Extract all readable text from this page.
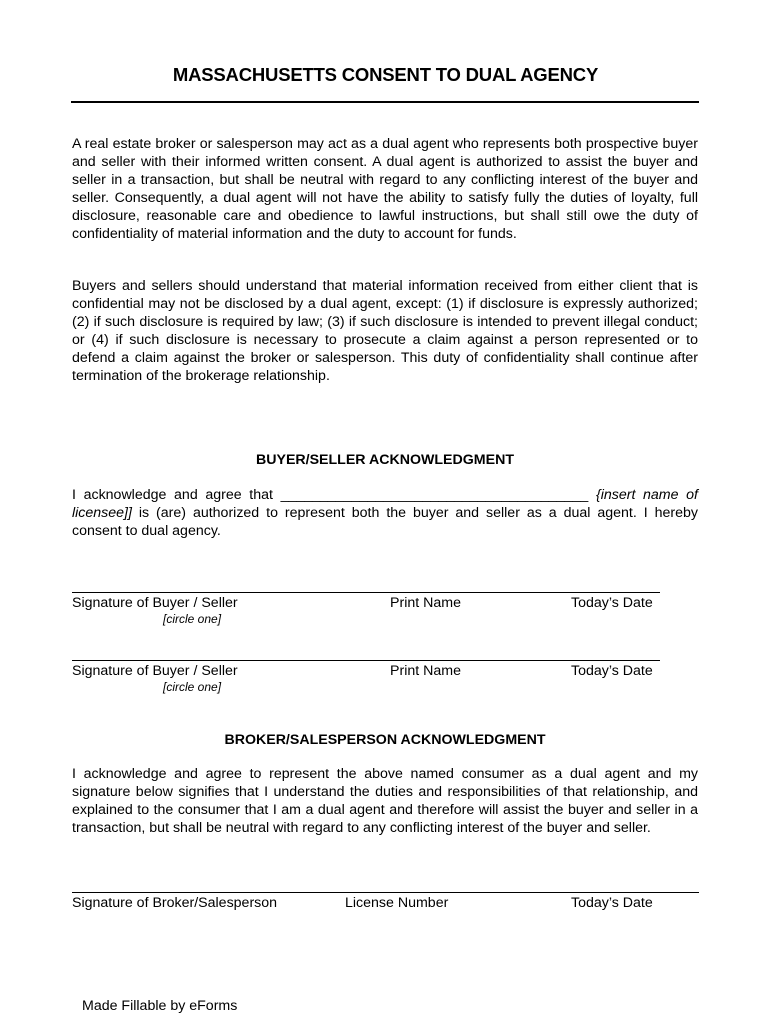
MASSACHUSETTS CONSENT TO DUAL AGENCY

A real estate broker or salesperson may act as a dual agent who represents both prospective buyer and seller with their informed written consent. A dual agent is authorized to assist the buyer and seller in a transaction, but shall be neutral with regard to any conflicting interest of the buyer and seller. Consequently, a dual agent will not have the ability to satisfy fully the duties of loyalty, full disclosure, reasonable care and obedience to lawful instructions, but shall still owe the duty of confidentiality of material information and the duty to account for funds.

Buyers and sellers should understand that material information received from either client that is confidential may not be disclosed by a dual agent, except: (1) if disclosure is expressly authorized; (2) if such disclosure is required by law; (3) if such disclosure is intended to prevent illegal conduct; or (4) if such disclosure is necessary to prosecute a claim against a person represented or to defend a claim against the broker or salesperson. This duty of confidentiality shall continue after termination of the brokerage relationship.

BUYER/SELLER ACKNOWLEDGMENT

I acknowledge and agree that _______________________________________ {insert name of licensee]] is (are) authorized to represent both the buyer and seller as a dual agent. I hereby consent to dual agency.

Signature of Buyer / Seller	Print Name	Today’s Date
[circle one]
Signature of Buyer / Seller	Print Name	Today’s Date
[circle one]
BROKER/SALESPERSON ACKNOWLEDGMENT

I acknowledge and agree to represent the above named consumer as a dual agent and my signature below signifies that I understand the duties and responsibilities of that relationship, and explained to the consumer that I am a dual agent and therefore will assist the buyer and seller in a transaction, but shall be neutral with regard to any conflicting interest of the buyer and seller.

Signature of Broker/Salesperson	License Number	Today’s Date
Made Fillable by eForms
